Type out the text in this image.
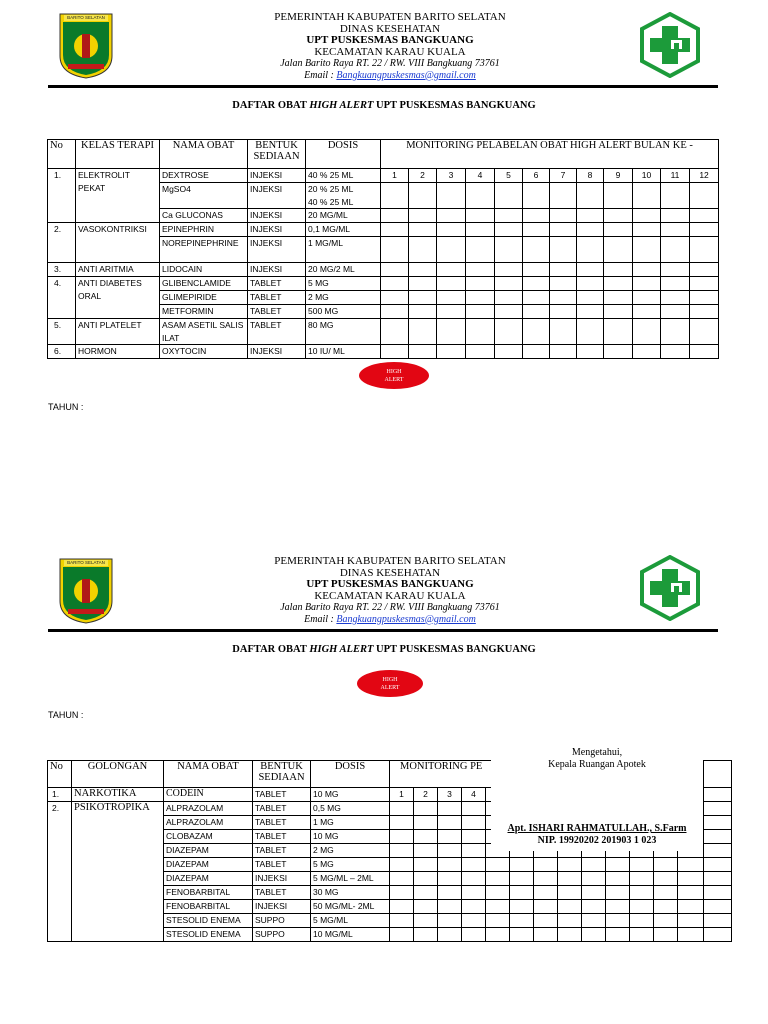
BARITO SELATAN	PEMERINTAH KABUPATEN BARITO SELATAN
DINAS KESEHATAN
UPT PUSKESMAS BANGKUANG
KECAMATAN KARAU KUALA
Jalan Barito Raya RT. 22 / RW. VIII Bangkuang 73761
Email : Bangkuangpuskesmas@gmail.com
DAFTAR OBAT HIGH ALERT UPT PUSKESMAS BANGKUANG
No	KELAS TERAPI	NAMA OBAT	BENTUK SEDIAAN	DOSIS	MONITORING PELABELAN OBAT HIGH ALERT BULAN KE -											
1.	ELEKTROLIT PEKAT	DEXTROSE	INJEKSI	40 % 25 ML	1	2	3	4	5	6	7	8	9	10	11	12
		MgSO4	INJEKSI	20 % 25 ML
40 % 25 ML												
		Ca GLUCONAS	INJEKSI	20 MG/ML												
2.	VASOKONTRIKSI	EPINEPHRIN	INJEKSI	0,1 MG/ML												
		NOREPINEPHRINE	INJEKSI	1 MG/ML												
3.	ANTI ARITMIA	LIDOCAIN	INJEKSI	20 MG/2 ML												
4.	ANTI DIABETES ORAL	GLIBENCLAMIDE	TABLET	5 MG												
		GLIMEPIRIDE	TABLET	2 MG												
		METFORMIN	TABLET	500 MG												
5.	ANTI PLATELET	ASAM ASETIL SALISILAT	TABLET	80 MG												
6.	HORMON	OXYTOCIN	INJEKSI	10 IU/ ML												
HIGH
ALERT
TAHUN :
BARITO SELATAN	PEMERINTAH KABUPATEN BARITO SELATAN
DINAS KESEHATAN
UPT PUSKESMAS BANGKUANG
KECAMATAN KARAU KUALA
Jalan Barito Raya RT. 22 / RW. VIII Bangkuang 73761
Email : Bangkuangpuskesmas@gmail.com
DAFTAR OBAT HIGH ALERT UPT PUSKESMAS BANGKUANG
HIGH
ALERT
TAHUN :
No	GOLONGAN	NAMA OBAT	BENTUK SEDIAAN	DOSIS	MONITORING PE													
1.	NARKOTIKA	CODEIN	TABLET	10 MG	1	2	3	4										
2.	PSIKOTROPIKA	ALPRAZOLAM	TABLET	0,5 MG														
		ALPRAZOLAM	TABLET	1 MG														
		CLOBAZAM	TABLET	10 MG														
		DIAZEPAM	TABLET	2 MG														
		DIAZEPAM	TABLET	5 MG														
		DIAZEPAM	INJEKSI	5 MG/ML – 2ML														
		FENOBARBITAL	TABLET	30 MG														
		FENOBARBITAL	INJEKSI	50 MG/ML- 2ML														
		STESOLID ENEMA	SUPPO	5 MG/ML														
		STESOLID ENEMA	SUPPO	10 MG/ML														
Mengetahui,
Kepala Ruangan Apotek
Apt. ISHARI RAHMATULLAH., S.Farm
NIP. 19920202 201903 1 023
